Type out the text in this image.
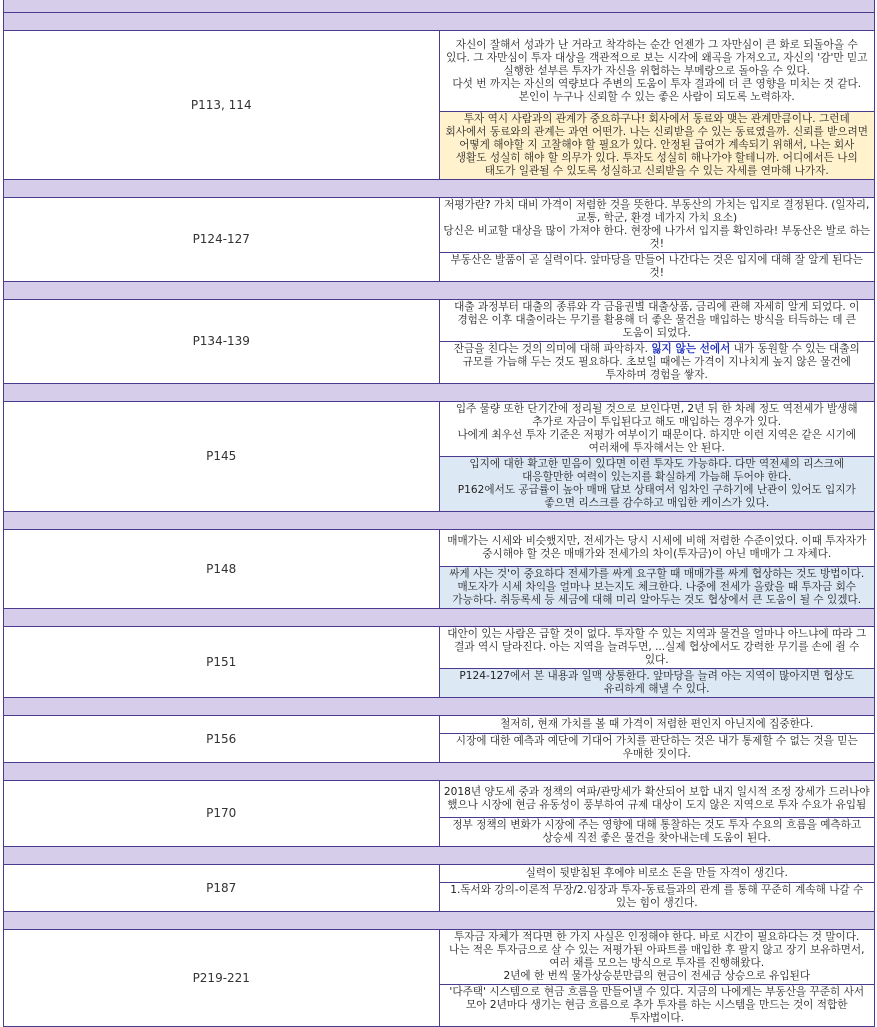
P113, 114	자신이 잘해서 성과가 난 거라고 착각하는 순간 언젠가 그 자만심이 큰 화로 되돌아올 수 있다. 그 자만심이 투자 대상을 객관적으로 보는 시각에 왜곡을 가져오고, 자신의 '감'만 믿고 실행한 섣부른 투자가 자신을 위협하는 부메랑으로 돌아올 수 있다.
다섯 번 까지는 자신의 역량보다 주변의 도움이 투자 결과에 더 큰 영향을 미치는 것 같다. 본인이 누구나 신뢰할 수 있는 좋은 사람이 되도록 노력하자.
	투자 역시 사람과의 관계가 중요하구나! 회사에서 동료와 맺는 관계만큼이나. 그런데 회사에서 동료와의 관계는 과연 어떤가. 나는 신뢰받을 수 있는 동료였을까. 신뢰를 받으려면 어떻게 해야할 지 고찰해야 할 필요가 있다. 안정된 급여가 계속되기 위해서, 나는 회사 생활도 성실히 해야 할 의무가 있다. 투자도 성실히 해나가야 할테니까. 어디에서든 나의 태도가 일관될 수 있도록 성실하고 신뢰받을 수 있는 자세를 연마해 나가자.

P124-127	저평가란? 가치 대비 가격이 저렴한 것을 뜻한다. 부동산의 가치는 입지로 결정된다. (일자리, 교통, 학군, 환경 네가지 가치 요소)
당신은 비교할 대상을 많이 가져야 한다. 현장에 나가서 입지를 확인하라! 부동산은 발로 하는 것!
	부동산은 발품이 곧 실력이다. 앞마당을 만들어 나간다는 것은 입지에 대해 잘 알게 된다는 것!

P134-139	대출 과정부터 대출의 종류와 각 금융권별 대출상품, 금리에 관해 자세히 알게 되었다. 이 경험은 이후 대출이라는 무기를 활용해 더 좋은 물건을 매입하는 방식을 터득하는 데 큰 도움이 되었다.
	잔금을 친다는 것의 의미에 대해 파악하자. 잃지 않는 선에서 내가 동원할 수 있는 대출의 규모를 가늠해 두는 것도 필요하다. 초보일 때에는 가격이 지나치게 높지 않은 물건에 투자하며 경험을 쌓자.

P145	입주 물량 또한 단기간에 정리될 것으로 보인다면, 2년 뒤 한 차례 정도 역전세가 발생해 추가로 자금이 투입된다고 해도 매입하는 경우가 있다.
나에게 최우선 투자 기준은 저평가 여부이기 때문이다. 하지만 이런 지역은 같은 시기에 여러채에 투자해서는 안 된다.
	입지에 대한 확고한 믿음이 있다면 이런 투자도 가능하다. 다만 역전세의 리스크에 대응할만한 여력이 있는지를 확실하게 가늠해 두어야 한다.
P162에서도 공급률이 높아 매매 답보 상태여서 임차인 구하기에 난관이 있어도 입지가 좋으면 리스크를 감수하고 매입한 케이스가 있다.

P148	매매가는 시세와 비슷했지만, 전세가는 당시 시세에 비해 저렴한 수준이었다. 이때 투자자가 중시해야 할 것은 매매가와 전세가의 차이(투자금)이 아닌 매매가 그 자체다.
	싸게 사는 것'이 중요하다 전세가를 싸게 요구할 때 매매가를 싸게 협상하는 것도 방법이다. 매도자가 시세 차익을 얼마나 보는지도 체크한다. 나중에 전세가 올랐을 때 투자금 회수 가능하다. 취등록세 등 세금에 대해 미리 알아두는 것도 협상에서 큰 도움이 될 수 있겠다.

P151	대안이 있는 사람은 급할 것이 없다. 투자할 수 있는 지역과 물건을 얼마나 아느냐에 따라 그 결과 역시 달라진다. 아는 지역을 늘려두면, ...실제 협상에서도 강력한 무기를 손에 쥘 수 있다.
	P124-127에서 본 내용과 일맥 상통한다. 앞마당을 늘려 아는 지역이 많아지면 협상도 유리하게 해낼 수 있다.

P156	철저히, 현재 가치를 볼 때 가격이 저렴한 편인지 아닌지에 집중한다.
	시장에 대한 예측과 예단에 기대어 가치를 판단하는 것은 내가 통제할 수 없는 것을 믿는 우매한 짓이다.

P170	2018년 양도세 중과 정책의 여파/관망세가 확산되어 보합 내지 일시적 조정 장세가 드러나야 했으나 시장에 현금 유동성이 풍부하여 규제 대상이 도지 않은 지역으로 투자 수요가 유입됨
	정부 정책의 변화가 시장에 주는 영향에 대해 통찰하는 것도 투자 수요의 흐름을 예측하고 상승세 직전 좋은 물건을 찾아내는데 도움이 된다.

P187	실력이 뒷받침된 후에야 비로소 돈을 만들 자격이 생긴다.
	1.독서와 강의-이론적 무장/2.임장과 투자-동료들과의 관계 를 통해 꾸준히 계속해 나갈 수 있는 힘이 생긴다.

P219-221	투자금 자체가 적다면 한 가지 사실은 인정해야 한다. 바로 시간이 필요하다는 것 말이다.
나는 적은 투자금으로 살 수 있는 저평가된 아파트를 매입한 후 팔지 않고 장기 보유하면서, 여러 채를 모으는 방식으로 투자를 진행해왔다.
2년에 한 번씩 물가상승분만큼의 현금이 전세금 상승으로 유입된다
	'다주택' 시스템으로 현금 흐름을 만들어낼 수 있다. 지금의 나에게는 부동산을 꾸준히 사서 모아 2년마다 생기는 현금 흐름으로 추가 투자를 하는 시스템을 만드는 것이 적합한 투자법이다.
